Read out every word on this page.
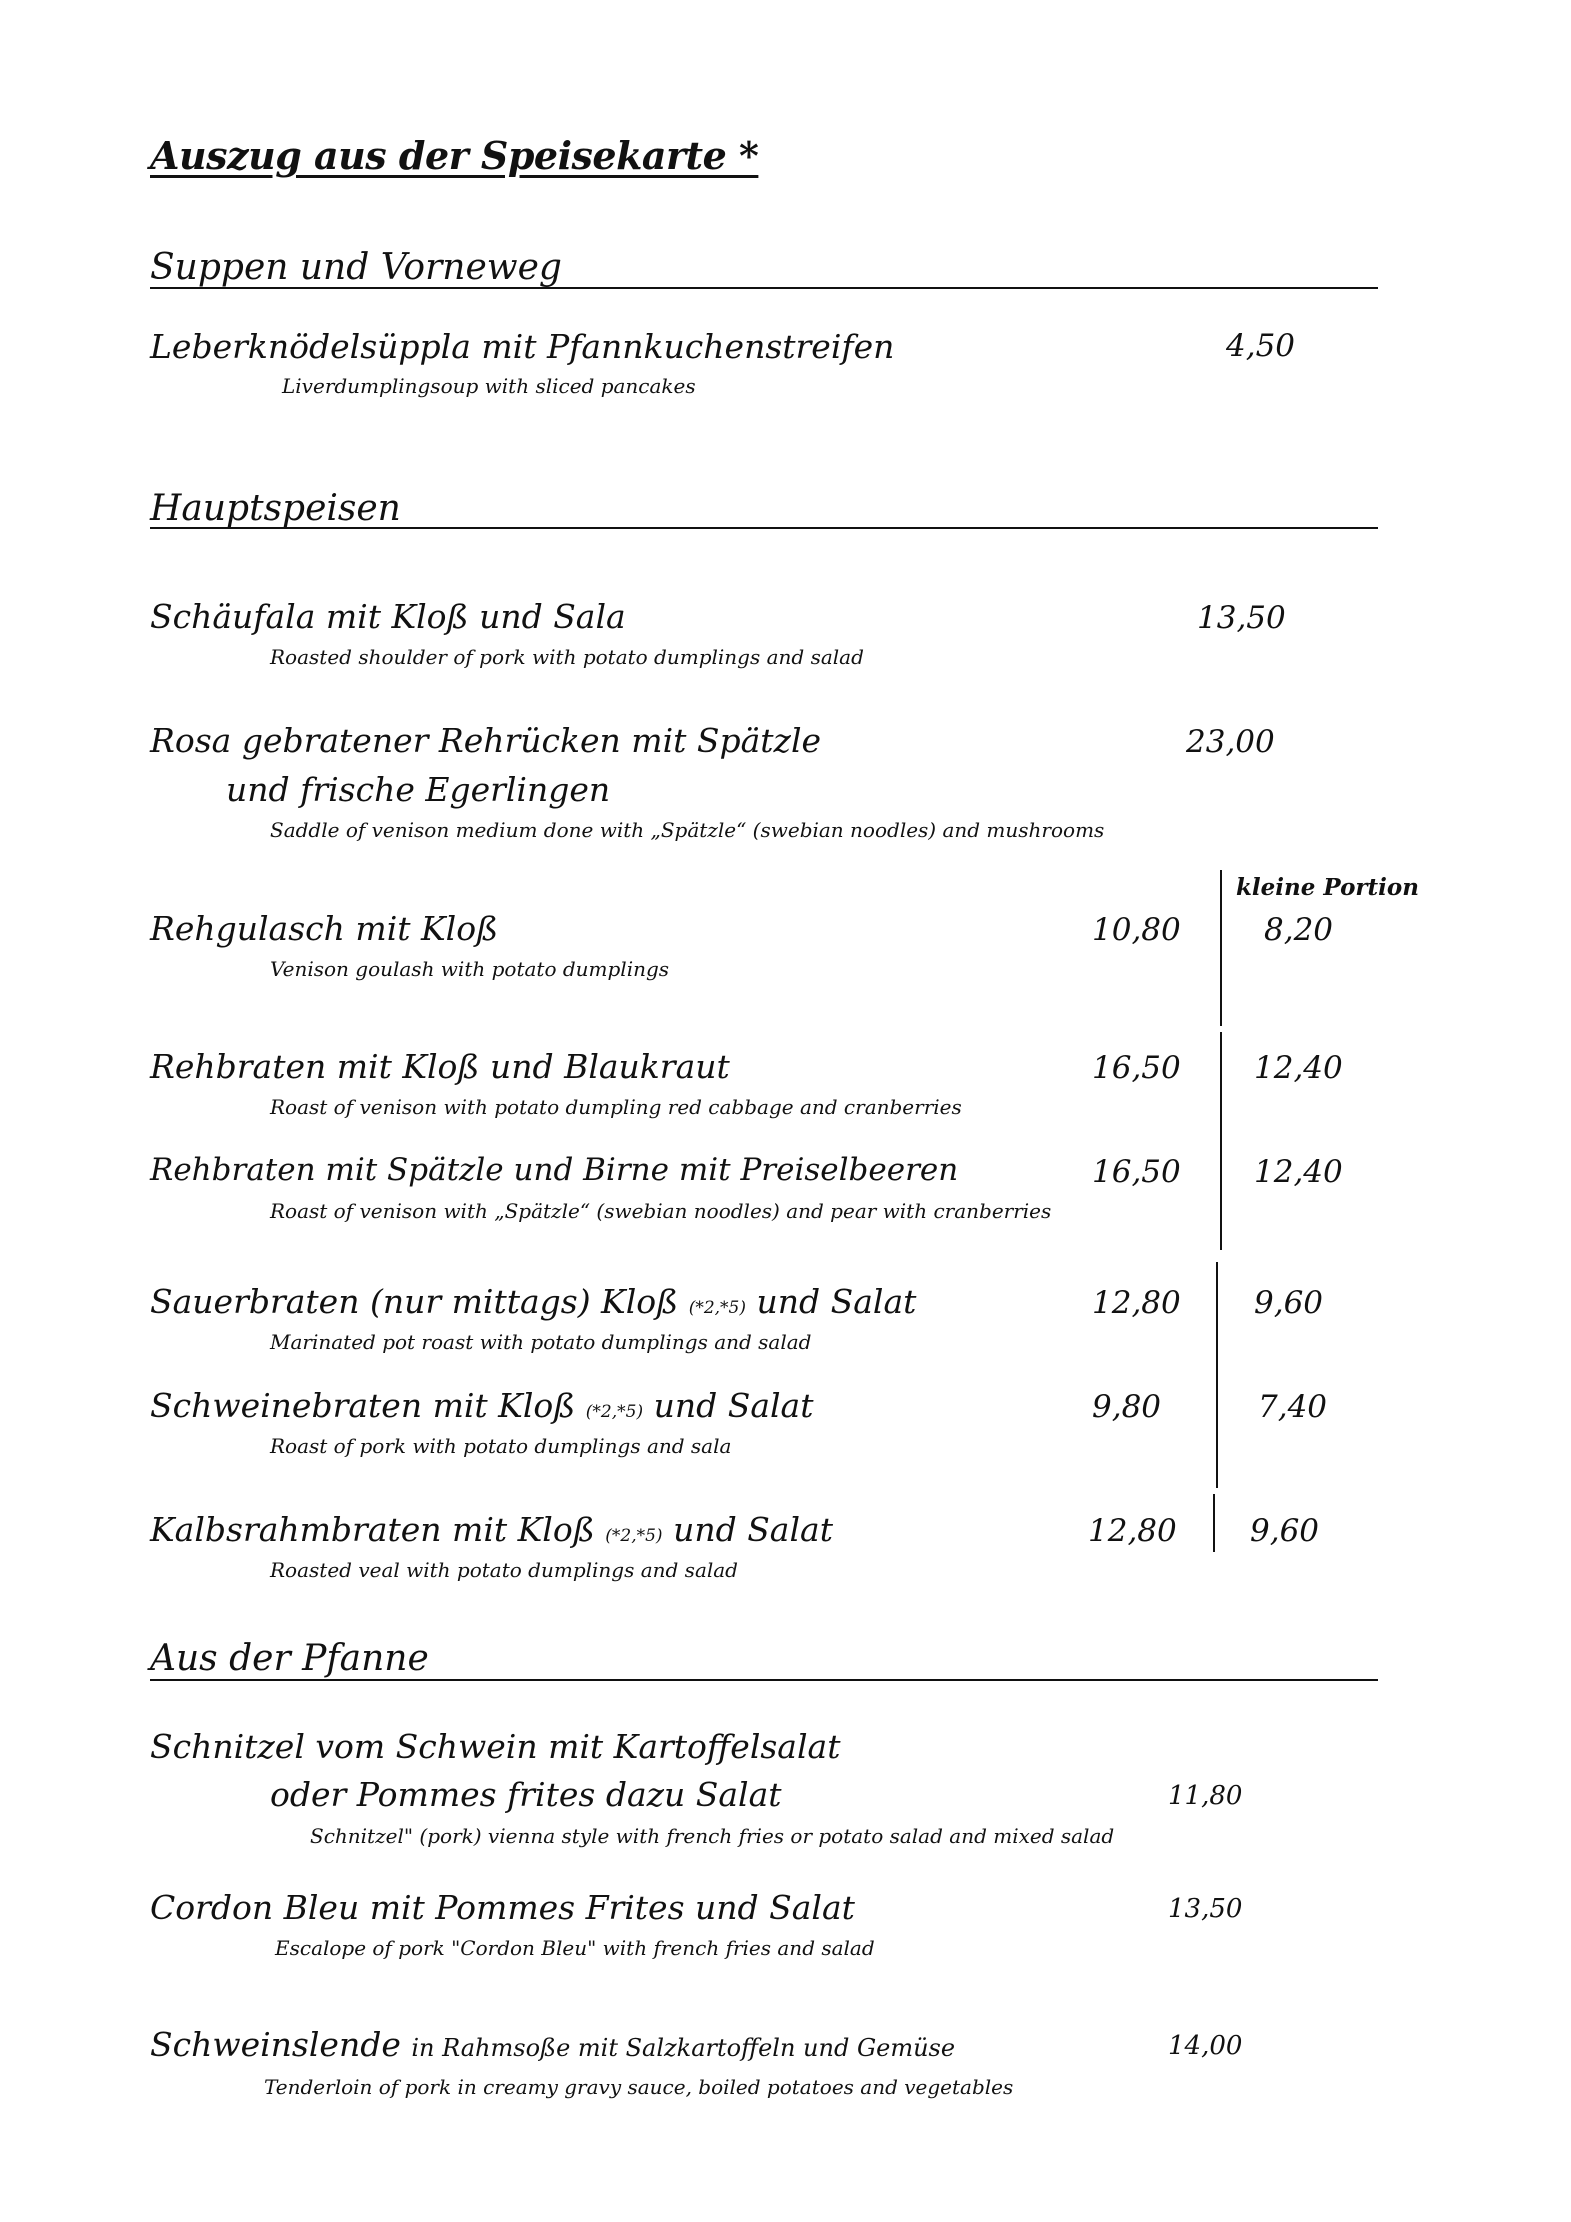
Auszug aus der Speisekarte *
Suppen und Vorneweg
Leberknödelsüppla mit Pfannkuchenstreifen
Liverdumplingsoup with sliced pancakes
4,50
Hauptspeisen
Schäufala mit Kloß und Sala
Roasted shoulder of pork with potato dumplings and salad
13,50
Rosa gebratener Rehrücken mit Spätzle
und frische Egerlingen
Saddle of venison medium done with „Spätzle“ (swebian noodles) and mushrooms
23,00
kleine Portion
Rehgulasch mit Kloß
Venison goulash with potato dumplings
10,80	8,20
Rehbraten mit Kloß und Blaukraut
Roast of venison with potato dumpling red cabbage and cranberries
16,50 12,40
Rehbraten mit Spätzle und Birne mit Preiselbeeren
Roast of venison with „Spätzle“ (swebian noodles) and pear with cranberries
16,50 12,40
Sauerbraten (nur mittags) Kloß (*2,*5) und Salat
Marinated pot roast with potato dumplings and salad
12,80 9,60
Schweinebraten mit Kloß (*2,*5) und Salat
Roast of pork with potato dumplings and sala
9,80	7,40
Kalbsrahmbraten mit Kloß (*2,*5) und Salat
Roasted veal with potato dumplings and salad
12,80 9,60
Aus der Pfanne
Schnitzel vom Schwein mit Kartoffelsalat
oder Pommes frites dazu Salat
Schnitzel" (pork) vienna style with french fries or potato salad and mixed salad
11,80
Cordon Bleu mit Pommes Frites und Salat
Escalope of pork "Cordon Bleu" with french fries and salad
13,50
Schweinslende in Rahmsoße mit Salzkartoffeln und Gemüse
Tenderloin of pork in creamy gravy sauce, boiled potatoes and vegetables
14,00
